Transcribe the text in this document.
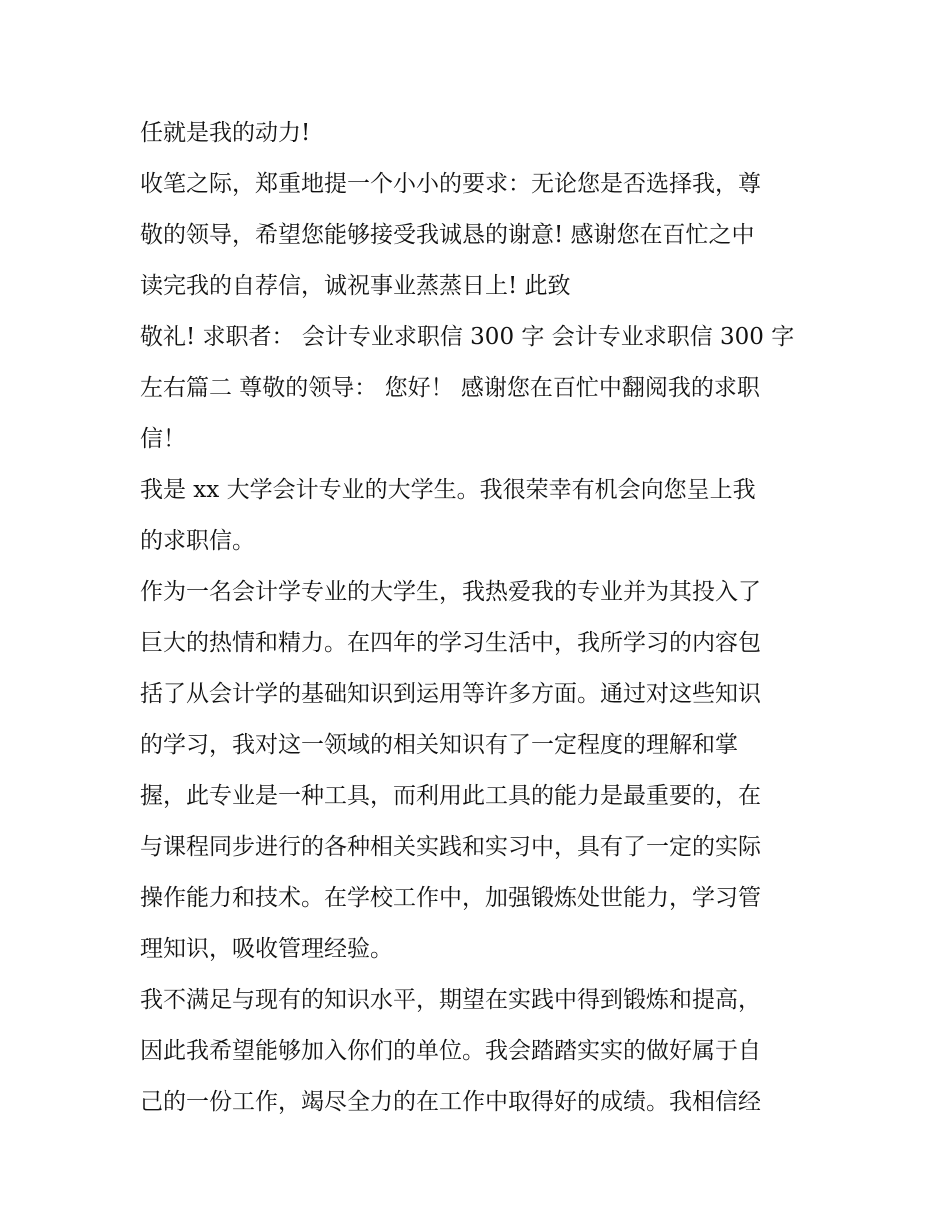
任就是我的动力!
收笔之际，郑重地提一个小小的要求：无论您是否选择我，尊
敬的领导，希望您能够接受我诚恳的谢意! 感谢您在百忙之中
读完我的自荐信，诚祝事业蒸蒸日上! 此致
敬礼! 求职者： 会计专业求职信 300 字 会计专业求职信 300 字
左右篇二 尊敬的领导： 您好！ 感谢您在百忙中翻阅我的求职
信！
我是 xx 大学会计专业的大学生。我很荣幸有机会向您呈上我
的求职信。
作为一名会计学专业的大学生，我热爱我的专业并为其投入了
巨大的热情和精力。在四年的学习生活中，我所学习的内容包
括了从会计学的基础知识到运用等许多方面。通过对这些知识
的学习，我对这一领域的相关知识有了一定程度的理解和掌
握，此专业是一种工具，而利用此工具的能力是最重要的，在
与课程同步进行的各种相关实践和实习中，具有了一定的实际
操作能力和技术。在学校工作中，加强锻炼处世能力，学习管
理知识，吸收管理经验。
我不满足与现有的知识水平，期望在实践中得到锻炼和提高，
因此我希望能够加入你们的单位。我会踏踏实实的做好属于自
己的一份工作，竭尽全力的在工作中取得好的成绩。我相信经
